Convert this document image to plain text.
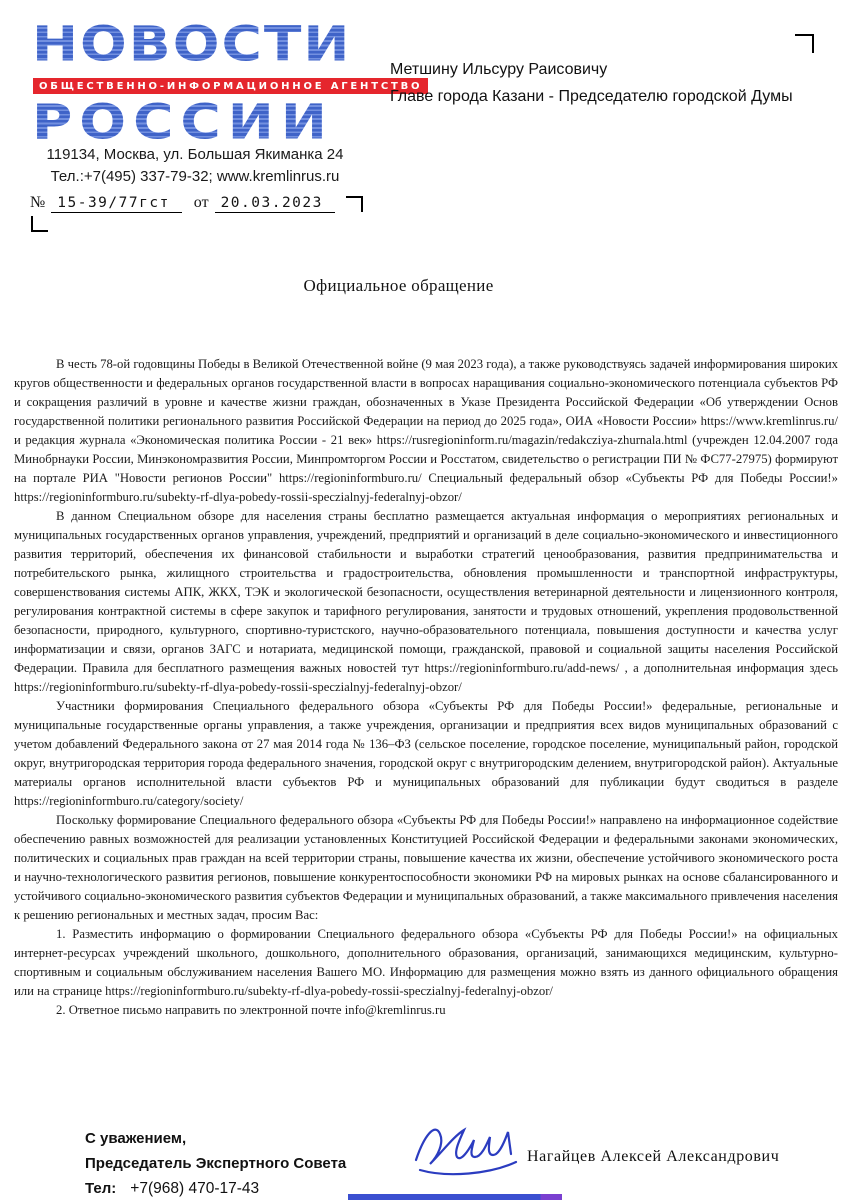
НОВОСТИ
ОБЩЕСТВЕННО-ИНФОРМАЦИОННОЕ АГЕНТСТВО
РОССИИ
119134, Москва, ул. Большая Якиманка 24
Тел.:+7(495) 337-79-32; www.kremlinrus.ru
№ 15-39/77гст от 20.03.2023
Метшину Ильсуру Раисовичу
Главе города Казани - Председателю городской Думы
Официальное обращение

В честь 78-ой годовщины Победы в Великой Отечественной войне (9 мая 2023 года), а также руководствуясь задачей информирования широких кругов общественности и федеральных органов государственной власти в вопросах наращивания социально-экономического потенциала субъектов РФ и сокращения различий в уровне и качестве жизни граждан, обозначенных в Указе Президента Российской Федерации «Об утверждении Основ государственной политики регионального развития Российской Федерации на период до 2025 года», ОИА «Новости России» https://www.kremlinrus.ru/ и редакция журнала «Экономическая политика России - 21 век» https://rusregioninform.ru/magazin/redakcziya-zhurnala.html (учрежден 12.04.2007 года Минобрнауки России, Минэкономразвития России, Минпромторгом России и Росстатом, свидетельство о регистрации ПИ № ФС77-27975) формируют на портале РИА "Новости регионов России" https://regioninformburo.ru/ Специальный федеральный обзор «Субъекты РФ для Победы России!» https://regioninformburo.ru/subekty-rf-dlya-pobedy-rossii-speczialnyj-federalnyj-obzor/

В данном Специальном обзоре для населения страны бесплатно размещается актуальная информация о мероприятиях региональных и муниципальных государственных органов управления, учреждений, предприятий и организаций в деле социально-экономического и инвестиционного развития территорий, обеспечения их финансовой стабильности и выработки стратегий ценообразования, развития предпринимательства и потребительского рынка, жилищного строительства и градостроительства, обновления промышленности и транспортной инфраструктуры, совершенствования системы АПК, ЖКХ, ТЭК и экологической безопасности, осуществления ветеринарной деятельности и лицензионного контроля, регулирования контрактной системы в сфере закупок и тарифного регулирования, занятости и трудовых отношений, укрепления продовольственной безопасности, природного, культурного, спортивно-туристского, научно-образовательного потенциала, повышения доступности и качества услуг информатизации и связи, органов ЗАГС и нотариата, медицинской помощи, гражданской, правовой и социальной защиты населения Российской Федерации. Правила для бесплатного размещения важных новостей тут https://regioninformburo.ru/add-news/ , а дополнительная информация здесь https://regioninformburo.ru/subekty-rf-dlya-pobedy-rossii-speczialnyj-federalnyj-obzor/

Участники формирования Специального федерального обзора «Субъекты РФ для Победы России!» федеральные, региональные и муниципальные государственные органы управления, а также учреждения, организации и предприятия всех видов муниципальных образований с учетом добавлений Федерального закона от 27 мая 2014 года № 136–ФЗ (сельское поселение, городское поселение, муниципальный район, городской округ, внутригородская территория города федерального значения, городской округ с внутригородским делением, внутригородской район). Актуальные материалы органов исполнительной власти субъектов РФ и муниципальных образований для публикации будут сводиться в разделе https://regioninformburo.ru/category/society/

Поскольку формирование Специального федерального обзора «Субъекты РФ для Победы России!» направлено на информационное содействие обеспечению равных возможностей для реализации установленных Конституцией Российской Федерации и федеральными законами экономических, политических и социальных прав граждан на всей территории страны, повышение качества их жизни, обеспечение устойчивого экономического роста и научно-технологического развития регионов, повышение конкурентоспособности экономики РФ на мировых рынках на основе сбалансированного и устойчивого социально-экономического развития субъектов Федерации и муниципальных образований, а также максимального привлечения населения к решению региональных и местных задач, просим Вас:

1. Разместить информацию о формировании Специального федерального обзора «Субъекты РФ для Победы России!» на официальных интернет-ресурсах учреждений школьного, дошкольного, дополнительного образования, организаций, занимающихся медицинским, культурно-спортивным и социальным обслуживанием населения Вашего МО. Информацию для размещения можно взять из данного официального обращения или на странице https://regioninformburo.ru/subekty-rf-dlya-pobedy-rossii-speczialnyj-federalnyj-obzor/

2. Ответное письмо направить по электронной почте info@kremlinrus.ru

С уважением,
Председатель Экспертного Совета
Тел: +7(968) 470-17-43
Нагайцев Алексей Александрович
